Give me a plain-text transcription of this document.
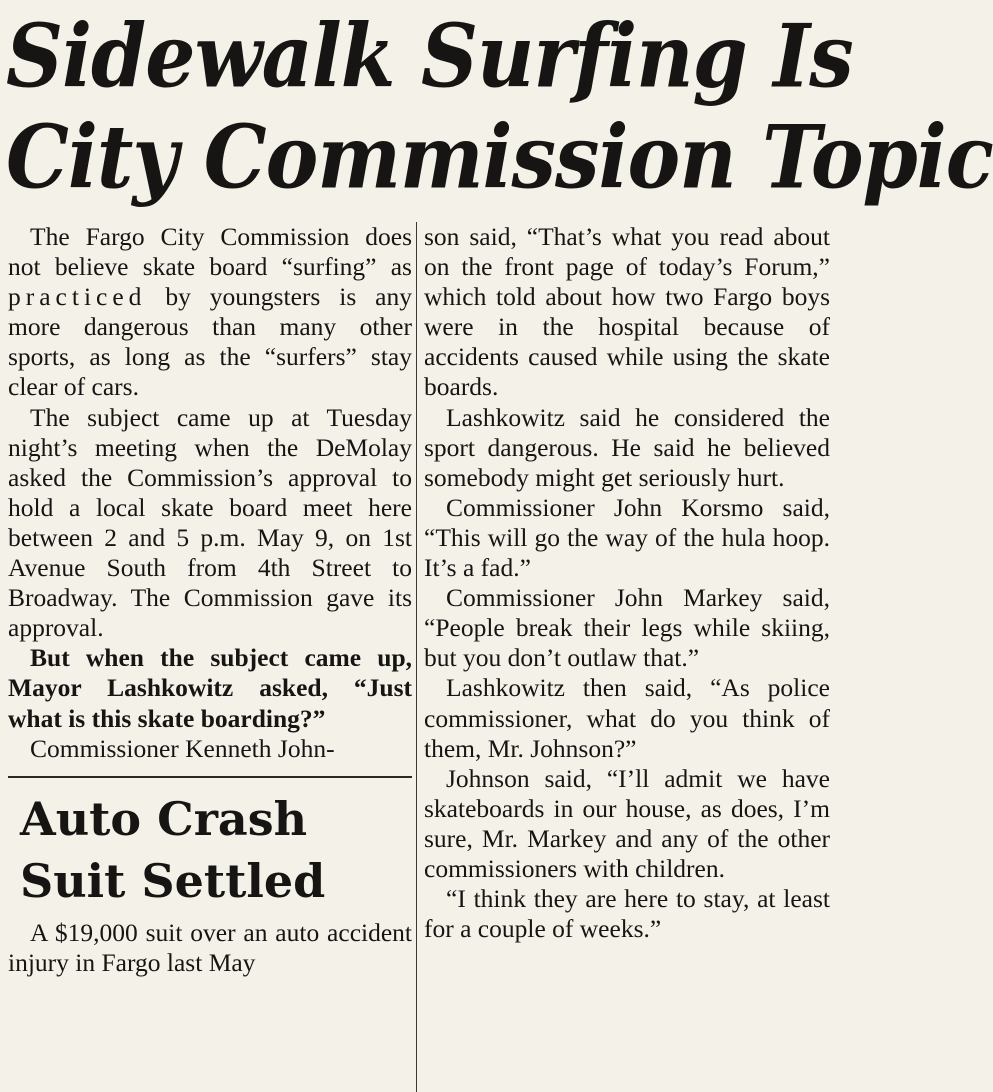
Sidewalk Surfing Is
City Commission Topic

The Fargo City Commission does not believe skate board “surfing” as practiced by youngsters is any more dangerous than many other sports, as long as the “surfers” stay clear of cars.

The subject came up at Tuesday night’s meeting when the DeMolay asked the Commission’s approval to hold a local skate board meet here between 2 and 5 p.m. May 9, on 1st Avenue South from 4th Street to Broadway. The Commission gave its approval.

But when the subject came up, Mayor Lashkowitz asked, “Just what is this skate boarding?”

Commissioner Kenneth John-

Auto Crash
Suit Settled

A $19,000 suit over an auto accident injury in Fargo last May

son said, “That’s what you read about on the front page of today’s Forum,” which told about how two Fargo boys were in the hospital because of accidents caused while using the skate boards.

Lashkowitz said he considered the sport dangerous. He said he believed somebody might get seriously hurt.

Commissioner John Korsmo said, “This will go the way of the hula hoop. It’s a fad.”

Commissioner John Markey said, “People break their legs while skiing, but you don’t outlaw that.”

Lashkowitz then said, “As police commissioner, what do you think of them, Mr. Johnson?”

Johnson said, “I’ll admit we have skateboards in our house, as does, I’m sure, Mr. Markey and any of the other commissioners with children.

“I think they are here to stay, at least for a couple of weeks.”
